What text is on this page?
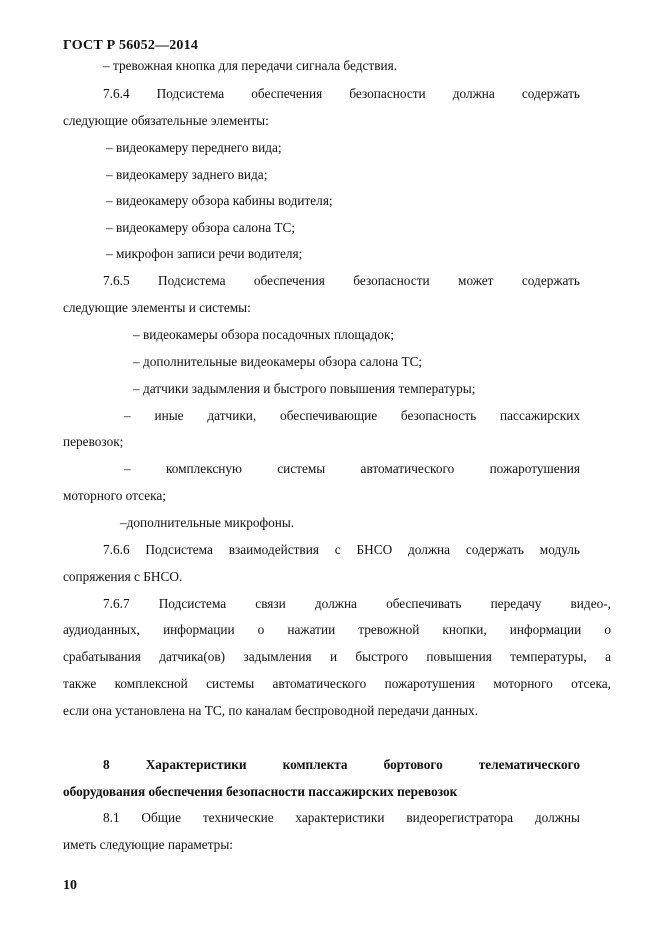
ГОСТ Р 56052—2014
– тревожная кнопка для передачи сигнала бедствия.
7.6.4 Подсистема обеспечения безопасности должна содержать
следующие обязательные элементы:
– видеокамеру переднего вида;
– видеокамеру заднего вида;
– видеокамеру обзора кабины водителя;
– видеокамеру обзора салона ТС;
– микрофон записи речи водителя;
7.6.5 Подсистема обеспечения безопасности может содержать
следующие элементы и системы:
– видеокамеры обзора посадочных площадок;
– дополнительные видеокамеры обзора салона ТС;
– датчики задымления и быстрого повышения температуры;
– иные датчики, обеспечивающие безопасность пассажирских
перевозок;
– комплексную системы автоматического пожаротушения
моторного отсека;
–дополнительные микрофоны.
7.6.6 Подсистема взаимодействия с БНСО должна содержать модуль
сопряжения с БНСО.
7.6.7 Подсистема связи должна обеспечивать передачу видео-,
аудиоданных, информации о нажатии тревожной кнопки, информации о
срабатывания датчика(ов) задымления и быстрого повышения температуры, а
также комплексной системы автоматического пожаротушения моторного отсека,
если она установлена на ТС, по каналам беспроводной передачи данных.
8 Характеристики комплекта бортового телематического
оборудования обеспечения безопасности пассажирских перевозок
8.1 Общие технические характеристики видеорегистратора должны
иметь следующие параметры:
10
